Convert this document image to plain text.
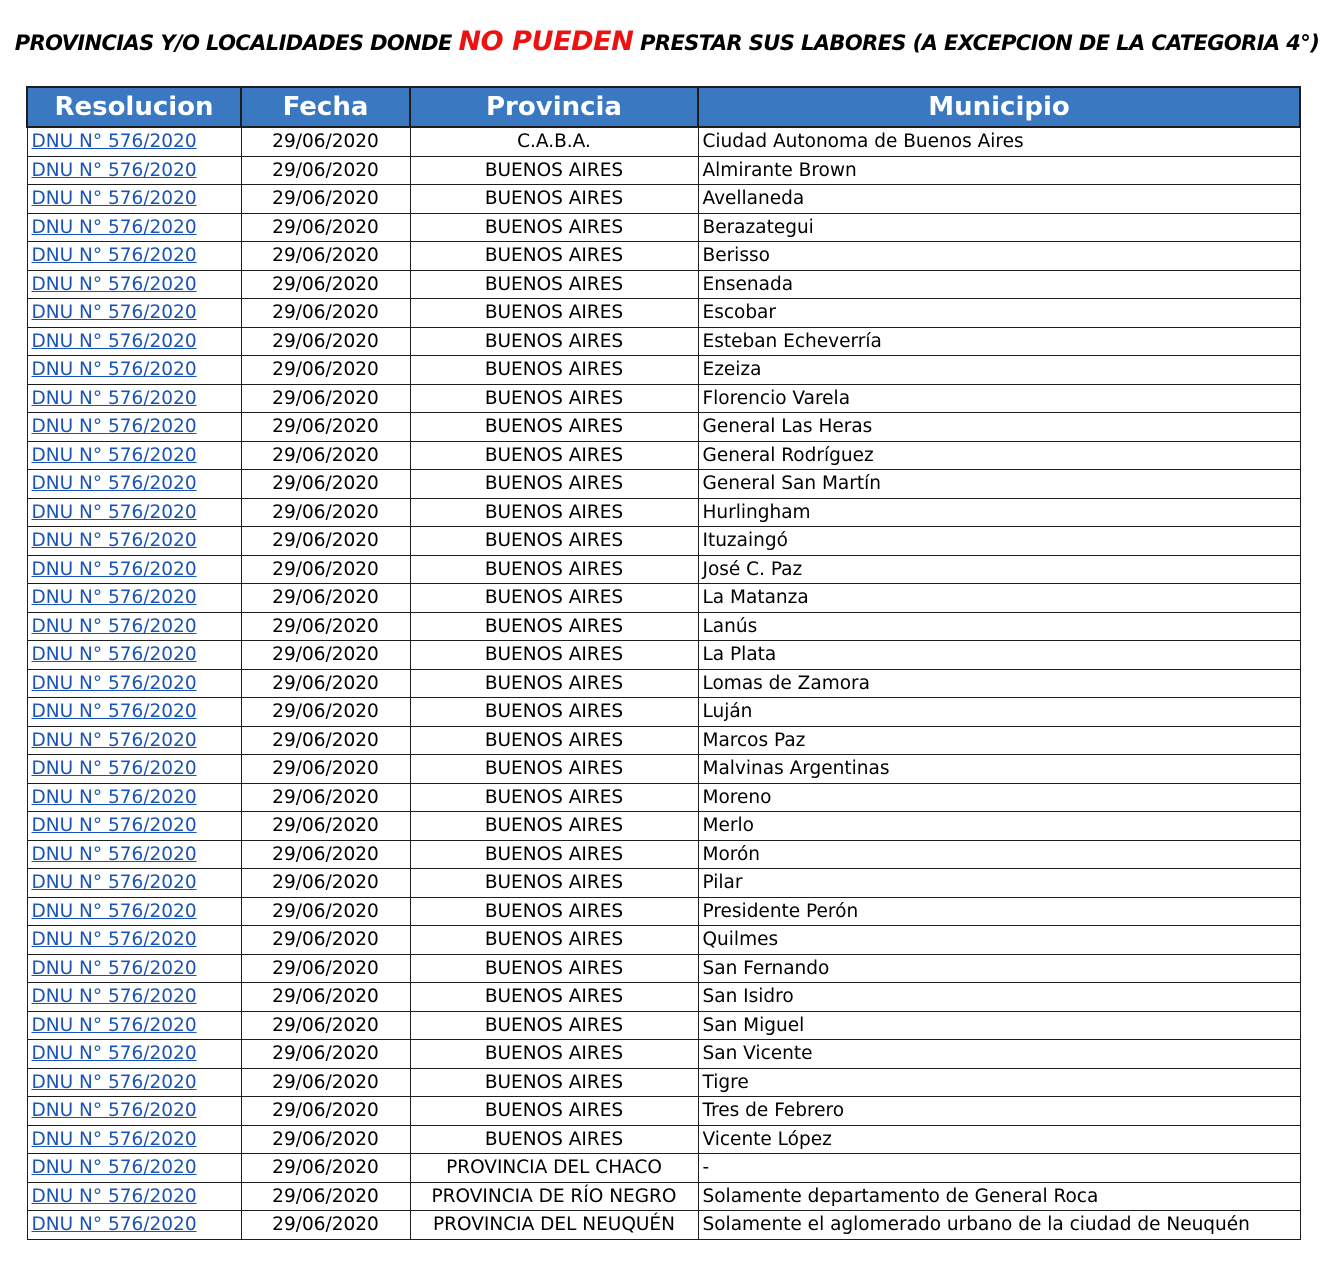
PROVINCIAS Y/O LOCALIDADES DONDE NO PUEDEN PRESTAR SUS LABORES (A EXCEPCION DE LA CATEGORIA 4°)
Resolucion	Fecha	Provincia	Municipio
DNU N° 576/2020	29/06/2020	C.A.B.A.	Ciudad Autonoma de Buenos Aires
DNU N° 576/2020	29/06/2020	BUENOS AIRES	Almirante Brown
DNU N° 576/2020	29/06/2020	BUENOS AIRES	Avellaneda
DNU N° 576/2020	29/06/2020	BUENOS AIRES	Berazategui
DNU N° 576/2020	29/06/2020	BUENOS AIRES	Berisso
DNU N° 576/2020	29/06/2020	BUENOS AIRES	Ensenada
DNU N° 576/2020	29/06/2020	BUENOS AIRES	Escobar
DNU N° 576/2020	29/06/2020	BUENOS AIRES	Esteban Echeverría
DNU N° 576/2020	29/06/2020	BUENOS AIRES	Ezeiza
DNU N° 576/2020	29/06/2020	BUENOS AIRES	Florencio Varela
DNU N° 576/2020	29/06/2020	BUENOS AIRES	General Las Heras
DNU N° 576/2020	29/06/2020	BUENOS AIRES	General Rodríguez
DNU N° 576/2020	29/06/2020	BUENOS AIRES	General San Martín
DNU N° 576/2020	29/06/2020	BUENOS AIRES	Hurlingham
DNU N° 576/2020	29/06/2020	BUENOS AIRES	Ituzaingó
DNU N° 576/2020	29/06/2020	BUENOS AIRES	José C. Paz
DNU N° 576/2020	29/06/2020	BUENOS AIRES	La Matanza
DNU N° 576/2020	29/06/2020	BUENOS AIRES	Lanús
DNU N° 576/2020	29/06/2020	BUENOS AIRES	La Plata
DNU N° 576/2020	29/06/2020	BUENOS AIRES	Lomas de Zamora
DNU N° 576/2020	29/06/2020	BUENOS AIRES	Luján
DNU N° 576/2020	29/06/2020	BUENOS AIRES	Marcos Paz
DNU N° 576/2020	29/06/2020	BUENOS AIRES	Malvinas Argentinas
DNU N° 576/2020	29/06/2020	BUENOS AIRES	Moreno
DNU N° 576/2020	29/06/2020	BUENOS AIRES	Merlo
DNU N° 576/2020	29/06/2020	BUENOS AIRES	Morón
DNU N° 576/2020	29/06/2020	BUENOS AIRES	Pilar
DNU N° 576/2020	29/06/2020	BUENOS AIRES	Presidente Perón
DNU N° 576/2020	29/06/2020	BUENOS AIRES	Quilmes
DNU N° 576/2020	29/06/2020	BUENOS AIRES	San Fernando
DNU N° 576/2020	29/06/2020	BUENOS AIRES	San Isidro
DNU N° 576/2020	29/06/2020	BUENOS AIRES	San Miguel
DNU N° 576/2020	29/06/2020	BUENOS AIRES	San Vicente
DNU N° 576/2020	29/06/2020	BUENOS AIRES	Tigre
DNU N° 576/2020	29/06/2020	BUENOS AIRES	Tres de Febrero
DNU N° 576/2020	29/06/2020	BUENOS AIRES	Vicente López
DNU N° 576/2020	29/06/2020	PROVINCIA DEL CHACO	-
DNU N° 576/2020	29/06/2020	PROVINCIA DE RÍO NEGRO	Solamente departamento de General Roca
DNU N° 576/2020	29/06/2020	PROVINCIA DEL NEUQUÉN	Solamente el aglomerado urbano de la ciudad de Neuquén
